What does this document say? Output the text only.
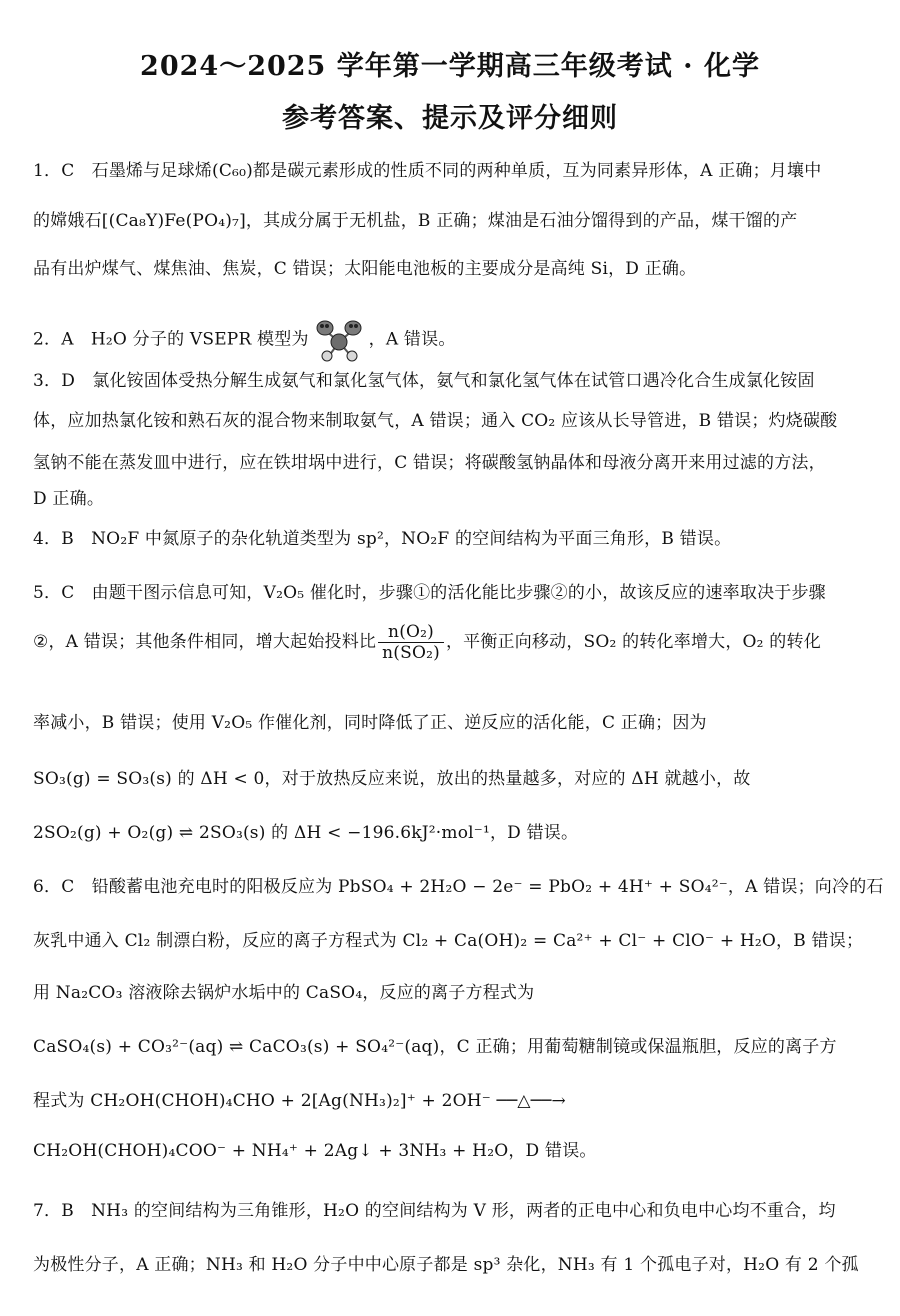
2024～2025 学年第一学期高三年级考试 · 化学
参考答案、提示及评分细则
1．C　石墨烯与足球烯(C₆₀)都是碳元素形成的性质不同的两种单质，互为同素异形体，A 正确；月壤中
的嫦娥石[(Ca₈Y)Fe(PO₄)₇]，其成分属于无机盐，B 正确；煤油是石油分馏得到的产品，煤干馏的产
品有出炉煤气、煤焦油、焦炭，C 错误；太阳能电池板的主要成分是高纯 Si，D 正确。
2．A　H₂O 分子的 VSEPR 模型为	，A 错误。
3．D　氯化铵固体受热分解生成氨气和氯化氢气体，氨气和氯化氢气体在试管口遇冷化合生成氯化铵固
体，应加热氯化铵和熟石灰的混合物来制取氨气，A 错误；通入 CO₂ 应该从长导管进，B 错误；灼烧碳酸
氢钠不能在蒸发皿中进行，应在铁坩埚中进行，C 错误；将碳酸氢钠晶体和母液分离开来用过滤的方法，
D 正确。
4．B　NO₂F 中氮原子的杂化轨道类型为 sp²，NO₂F 的空间结构为平面三角形，B 错误。
5．C　由题干图示信息可知，V₂O₅ 催化时，步骤①的活化能比步骤②的小，故该反应的速率取决于步骤
②，A 错误；其他条件相同，增大起始投料比 $\frac{\text{n(O₂)}}{\text{n(SO₂)}}$ ，平衡正向移动，SO₂ 的转化率增大，O₂ 的转化
率减小，B 错误；使用 V₂O₅ 作催化剂，同时降低了正、逆反应的活化能，C 正确；因为
SO₃(g) = SO₃(s) 的 ΔH < 0，对于放热反应来说，放出的热量越多，对应的 ΔH 就越小，故
2SO₂(g) + O₂(g) ⇌ 2SO₃(s) 的 ΔH < −196.6kJ²·mol⁻¹，D 错误。
6．C　铅酸蓄电池充电时的阳极反应为 PbSO₄ + 2H₂O − 2e⁻ = PbO₂ + 4H⁺ + SO₄²⁻，A 错误；向冷的石
灰乳中通入 Cl₂ 制漂白粉，反应的离子方程式为 Cl₂ + Ca(OH)₂ = Ca²⁺ + Cl⁻ + ClO⁻ + H₂O，B 错误；
用 Na₂CO₃ 溶液除去锅炉水垢中的 CaSO₄，反应的离子方程式为
CaSO₄(s) + CO₃²⁻(aq) ⇌ CaCO₃(s) + SO₄²⁻(aq)，C 正确；用葡萄糖制镜或保温瓶胆，反应的离子方
程式为 CH₂OH(CHOH)₄CHO + 2[Ag(NH₃)₂]⁺ + 2OH⁻ ──△──→
CH₂OH(CHOH)₄COO⁻ + NH₄⁺ + 2Ag↓ + 3NH₃ + H₂O，D 错误。
7．B　NH₃ 的空间结构为三角锥形，H₂O 的空间结构为 V 形，两者的正电中心和负电中心均不重合，均
为极性分子，A 正确；NH₃ 和 H₂O 分子中中心原子都是 sp³ 杂化，NH₃ 有 1 个孤电子对，H₂O 有 2 个孤
